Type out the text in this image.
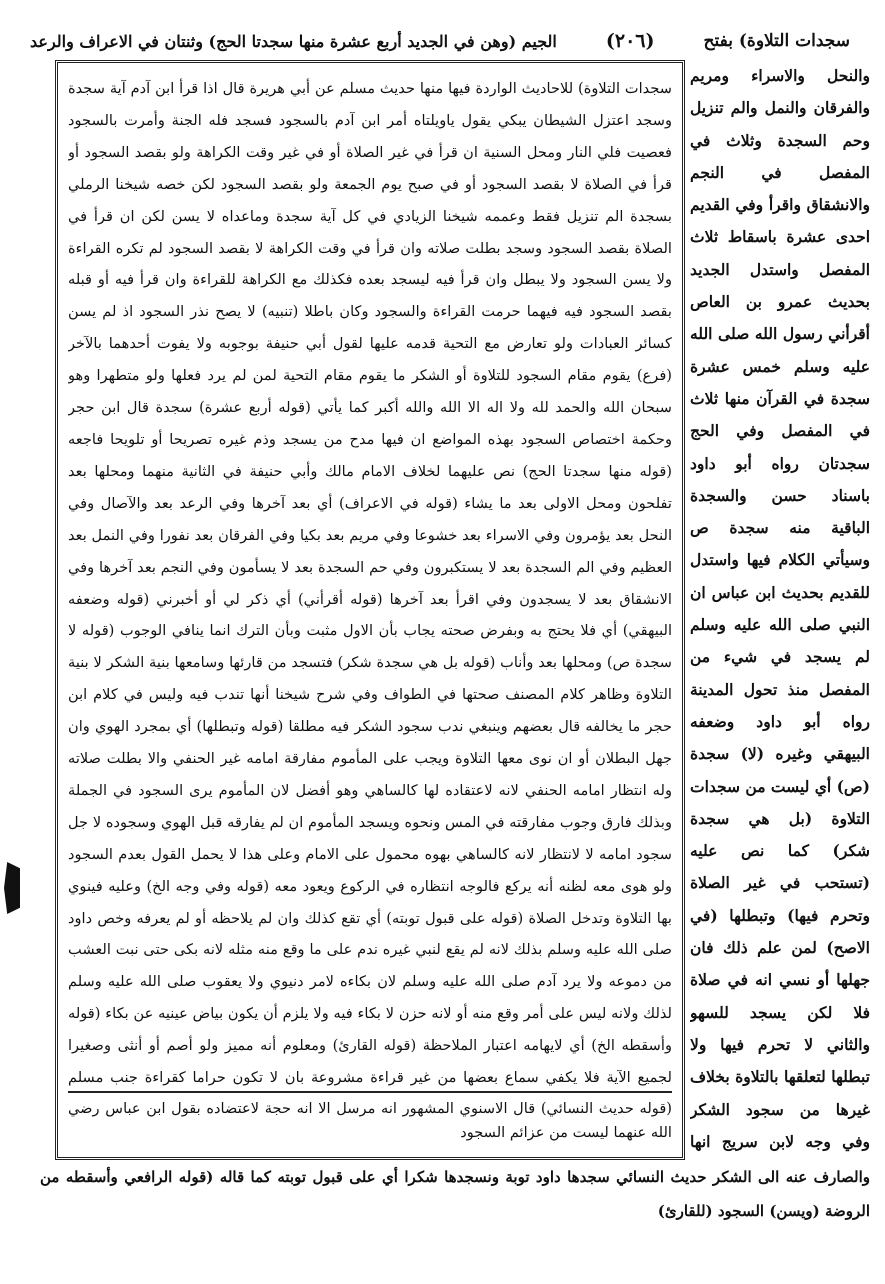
سجدات التلاوة) بفتح
(٢٠٦)
الجيم (وهن في الجديد أربع عشرة منها سجدتا الحج) وثنتان في الاعراف والرعد
والنحل والاسراء ومريم والفرقان والنمل والم تنزيل وحم السجدة وثلاث في المفصل في النجم والانشقاق واقرأ وفي القديم احدى عشرة باسقاط ثلاث المفصل واستدل الجديد بحديث عمرو بن العاص أقرأني رسول الله صلى الله عليه وسلم خمس عشرة سجدة في القرآن منها ثلاث في المفصل وفي الحج سجدتان رواه أبو داود باسناد حسن والسجدة الباقية منه سجدة ص وسيأتي الكلام فيها واستدل للقديم بحديث ابن عباس ان النبي صلى الله عليه وسلم لم يسجد في شيء من المفصل منذ تحول المدينة رواه أبو داود وضعفه البيهقي وغيره (لا) سجدة (ص) أي ليست من سجدات التلاوة (بل هي سجدة شكر) كما نص عليه (تستحب في غير الصلاة وتحرم فيها) وتبطلها (في الاصح) لمن علم ذلك فان جهلها أو نسي انه في صلاة فلا لكن يسجد للسهو والثاني لا تحرم فيها ولا تبطلها لتعلقها بالتلاوة بخلاف غيرها من سجود الشكر وفي وجه لابن سريج انها
سجدات التلاوة) للاحاديث الواردة فيها منها حديث مسلم عن أبي هريرة قال اذا قرأ ابن آدم آية سجدة وسجد اعتزل الشيطان يبكي يقول ياويلتاه أمر ابن آدم بالسجود فسجد فله الجنة وأمرت بالسجود فعصيت فلي النار ومحل السنية ان قرأ في غير الصلاة أو في غير وقت الكراهة ولو بقصد السجود أو قرأ في الصلاة لا بقصد السجود أو في صبح يوم الجمعة ولو بقصد السجود لكن خصه شيخنا الرملي بسجدة الم تنزيل فقط وعممه شيخنا الزيادي في كل آية سجدة وماعداه لا يسن لكن ان قرأ في الصلاة بقصد السجود وسجد بطلت صلاته وان قرأ في وقت الكراهة لا بقصد السجود لم تكره القراءة ولا يسن السجود ولا يبطل وان قرأ فيه ليسجد بعده فكذلك مع الكراهة للقراءة وان قرأ فيه أو قبله بقصد السجود فيه فيهما حرمت القراءة والسجود وكان باطلا (تنبيه) لا يصح نذر السجود اذ لم يسن كسائر العبادات ولو تعارض مع التحية قدمه عليها لقول أبي حنيفة بوجوبه ولا يفوت أحدهما بالآخر (فرع) يقوم مقام السجود للتلاوة أو الشكر ما يقوم مقام التحية لمن لم يرد فعلها ولو متطهرا وهو سبحان الله والحمد لله ولا اله الا الله والله أكبر كما يأتي (قوله أربع عشرة) سجدة قال ابن حجر وحكمة اختصاص السجود بهذه المواضع ان فيها مدح من يسجد وذم غيره تصريحا أو تلويحا فاجعه (قوله منها سجدتا الحج) نص عليهما لخلاف الامام مالك وأبي حنيفة في الثانية منهما ومحلها بعد تفلحون ومحل الاولى بعد ما يشاء (قوله في الاعراف) أي بعد آخرها وفي الرعد بعد والآصال وفي النحل بعد يؤمرون وفي الاسراء بعد خشوعا وفي مريم بعد بكيا وفي الفرقان بعد نفورا وفي النمل بعد العظيم وفي الم السجدة بعد لا يستكبرون وفي حم السجدة بعد لا يسأمون وفي النجم بعد آخرها وفي الانشقاق بعد لا يسجدون وفي اقرأ بعد آخرها (قوله أقرأني) أي ذكر لي أو أخبرني (قوله وضعفه البيهقي) أي فلا يحتج به وبفرض صحته يجاب بأن الاول مثبت وبأن الترك انما ينافي الوجوب (قوله لا سجدة ص) ومحلها بعد وأناب (قوله بل هي سجدة شكر) فتسجد من قارئها وسامعها بنية الشكر لا بنية التلاوة وظاهر كلام المصنف صحتها في الطواف وفي شرح شيخنا أنها تندب فيه وليس في كلام ابن حجر ما يخالفه قال بعضهم وينبغي ندب سجود الشكر فيه مطلقا (قوله وتبطلها) أي بمجرد الهوي وان جهل البطلان أو ان نوى معها التلاوة ويجب على المأموم مفارقة امامه غير الحنفي والا بطلت صلاته وله انتظار امامه الحنفي لانه لاعتقاده لها كالساهي وهو أفضل لان المأموم يرى السجود في الجملة وبذلك فارق وجوب مفارقته في المس ونحوه ويسجد المأموم ان لم يفارقه قبل الهوي وسجوده لا جل سجود امامه لا لانتظار لانه كالساهي بهوه محمول على الامام وعلى هذا لا يحمل القول بعدم السجود ولو هوى معه لظنه أنه يركع فالوجه انتظاره في الركوع ويعود معه (قوله وفي وجه الخ) وعليه فينوي بها التلاوة وتدخل الصلاة (قوله على قبول توبته) أي تقع كذلك وان لم يلاحظه أو لم يعرفه وخص داود صلى الله عليه وسلم بذلك لانه لم يقع لنبي غيره ندم على ما وقع منه مثله لانه بكى حتى نبت العشب من دموعه ولا يرد آدم صلى الله عليه وسلم لان بكاءه لامر دنيوي ولا يعقوب صلى الله عليه وسلم لذلك ولانه ليس على أمر وقع منه أو لانه حزن لا بكاء فيه ولا يلزم أن يكون بياض عينيه عن بكاء (قوله وأسقطه الخ) أي لايهامه اعتبار الملاحظة (قوله القارئ) ومعلوم أنه مميز ولو أصم أو أنثى وصغيرا لجميع الآية فلا يكفي سماع بعضها من غير قراءة مشروعة بان لا تكون حراما كقراءة جنب مسلم
(قوله حديث النسائي) قال الاسنوي المشهور انه مرسل الا انه حجة لاعتضاده بقول ابن عباس رضي الله عنهما ليست من عزائم السجود
والصارف عنه الى الشكر حديث النسائي سجدها داود توبة ونسجدها شكرا أي على قبول توبته كما قاله (قوله الرافعي وأسقطه من الروضة (ويسن) السجود (للقارئ)
